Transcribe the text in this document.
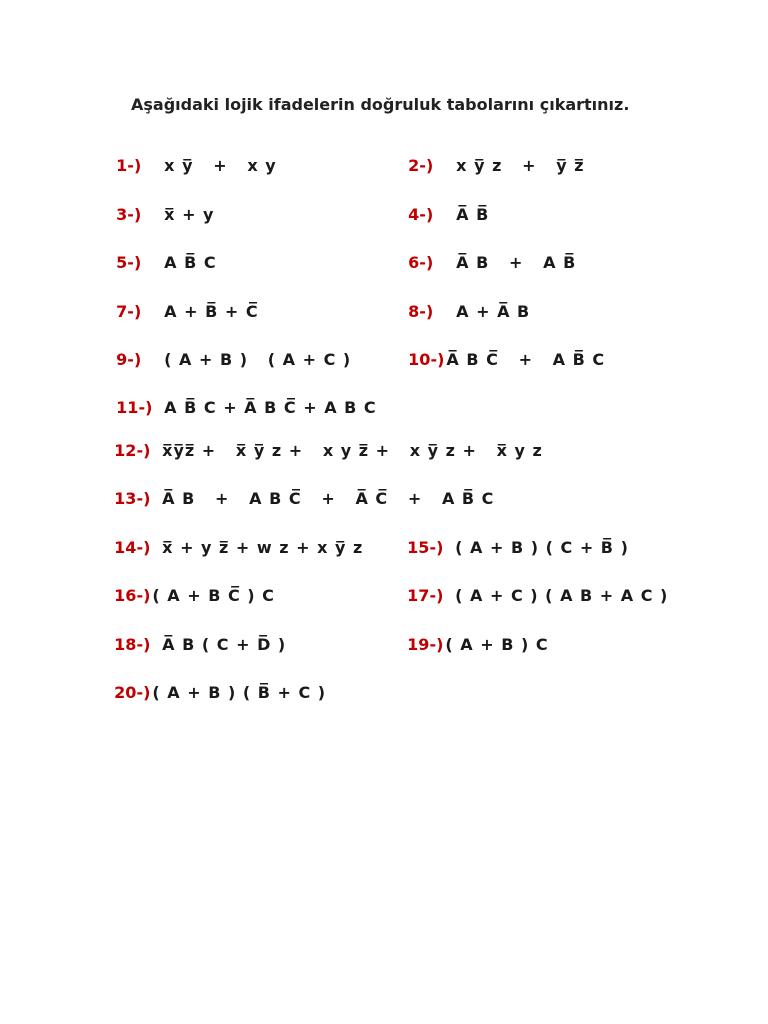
Aşağıdaki lojik ifadelerin doğruluk tabolarını çıkartınız.

1-) x y̅   +   x y	2-) x y̅ z   +   y̅ z̅

3-) x̅ + y	4-) A̅ B̅

5-) A B̅ C	6-) A̅ B   +   A B̅

7-) A + B̅ + C̅	8-) A + A̅ B

9-) ( A + B )   ( A + C )	10-) A̅ B C̅   +   A B̅ C

11-) A B̅ C + A̅ B C̅ + A B C

12-) x̅y̅z̅ +   x̅ y̅ z +   x y z̅ +   x y̅ z +   x̅ y z

13-) A̅ B   +   A B C̅   +   A̅ C̅   +   A B̅ C

14-) x̅ + y z̅ + w z + x y̅ z	15-) ( A + B ) ( C + B̅ )

16-) ( A + B C̅ ) C	17-) ( A + C ) ( A B + A C )

18-) A̅ B ( C + D̅ )	19-) ( A + B ) C

20-) ( A + B ) ( B̅ + C )
